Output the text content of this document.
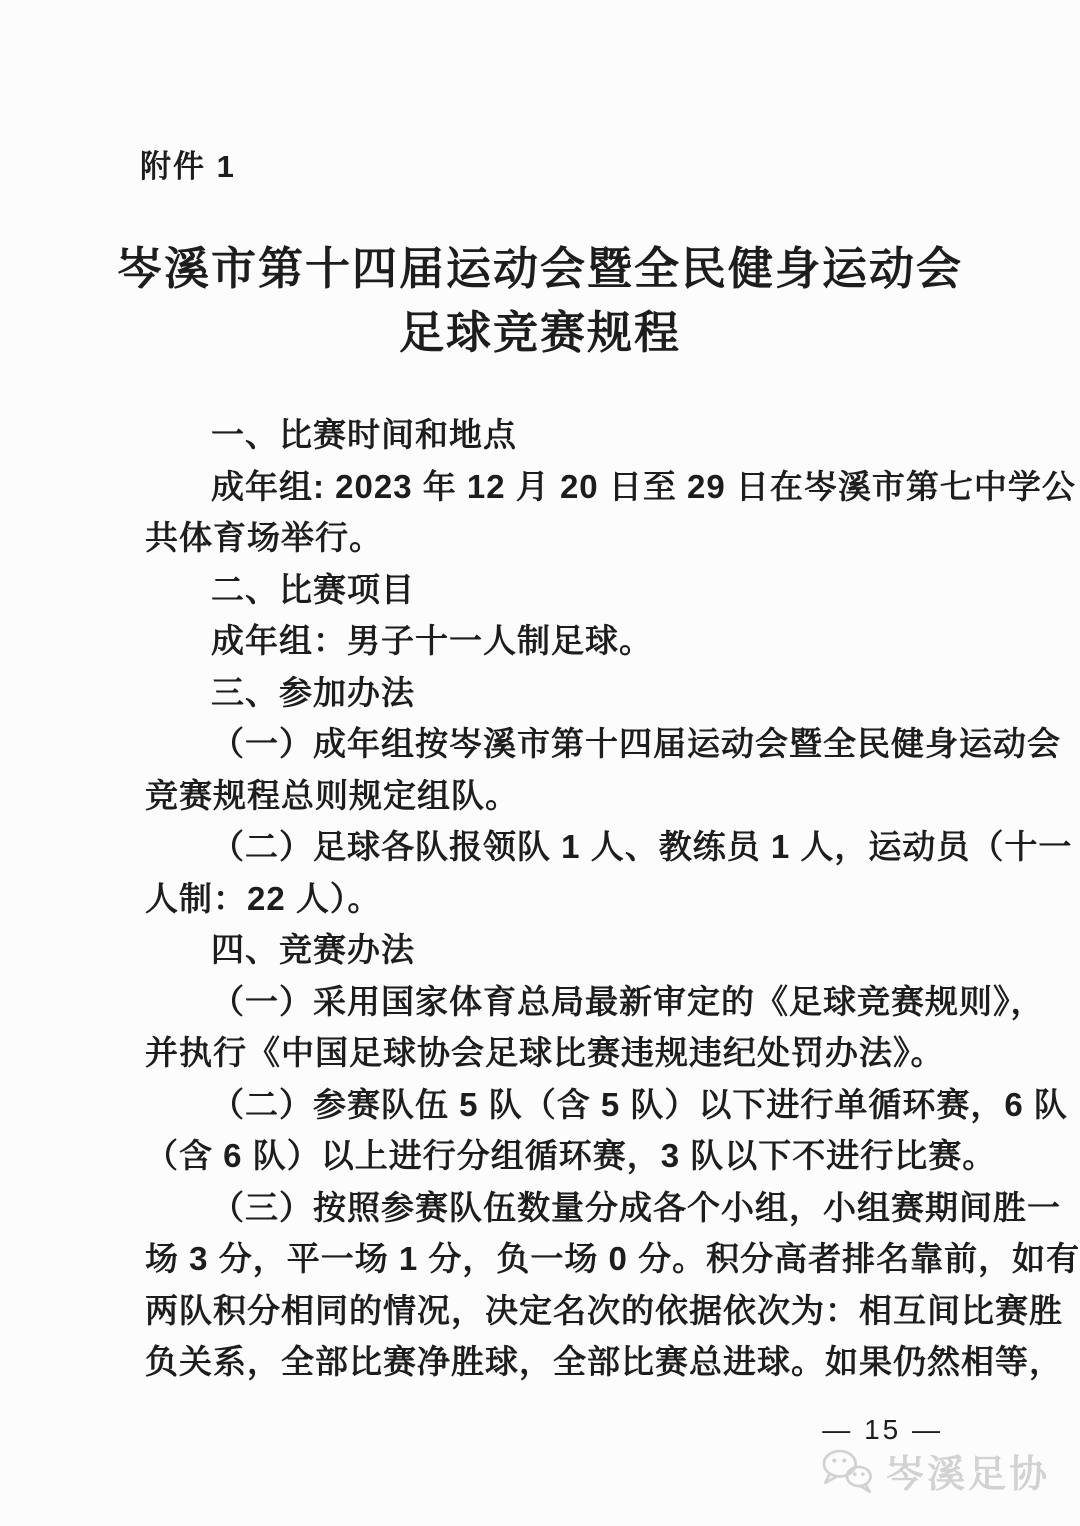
附件 1
岑溪市第十四届运动会暨全民健身运动会
足球竞赛规程
一、比赛时间和地点
成年组: 2023 年 12 月 20 日至 29 日在岑溪市第七中学公
共体育场举行。
二、比赛项目
成年组：男子十一人制足球。
三、参加办法
（一）成年组按岑溪市第十四届运动会暨全民健身运动会
竞赛规程总则规定组队。
（二）足球各队报领队 1 人、教练员 1 人，运动员（十一
人制：22 人）。
四、竞赛办法
（一）采用国家体育总局最新审定的《足球竞赛规则》，
并执行《中国足球协会足球比赛违规违纪处罚办法》。
（二）参赛队伍 5 队（含 5 队）以下进行单循环赛，6 队
（含 6 队）以上进行分组循环赛，3 队以下不进行比赛。
（三）按照参赛队伍数量分成各个小组，小组赛期间胜一
场 3 分，平一场 1 分，负一场 0 分。积分高者排名靠前，如有
两队积分相同的情况，决定名次的依据依次为：相互间比赛胜
负关系，全部比赛净胜球，全部比赛总进球。如果仍然相等，
— 15 —
岑溪足协
